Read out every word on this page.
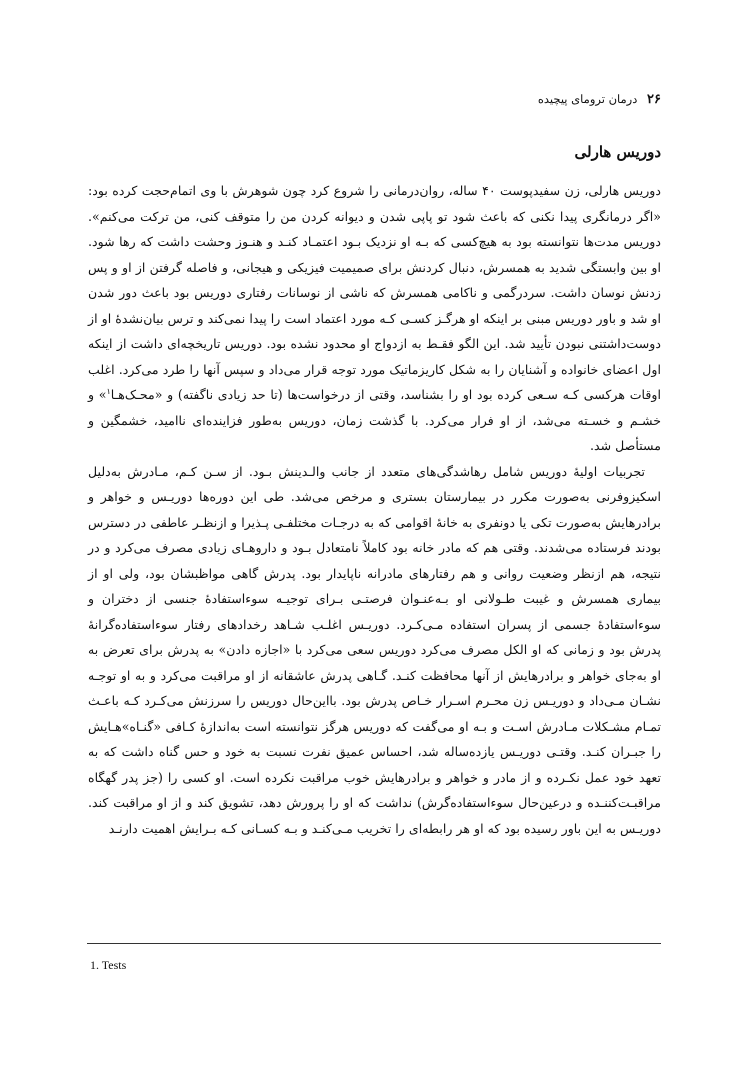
۲۶ درمان ترومای پیچیده
دوریس هارلی

دوریس هارلی، زن سفیدپوست ۴۰ ساله، روان‌درمانی را شروع کرد چون شوهرش با وی اتمام‌حجت کرده بود: «اگر درمانگری پیدا نکنی که باعث شود تو پاپی شدن و دیوانه کردن من را متوقف کنی، من ترکت می‌کنم». دوریس مدت‌ها نتوانسته بود به هیچ‌کسی که بـه او نزدیک بـود اعتمـاد کنـد و هنـوز وحشت داشت که رها شود. او بین وابستگی شدید به همسرش، دنبال کردنش برای صمیمیت فیزیکی و هیجانی، و فاصله گرفتن از او و پس زدنش نوسان داشت. سردرگمی و ناکامی همسرش که ناشی از نوسانات رفتاری دوریس بود باعث دور شدن او شد و باور دوریس مبنی بر اینکه او هرگـز کسـی کـه مورد اعتماد است را پیدا نمی‌کند و ترس بیان‌نشدهٔ او از دوست‌داشتنی نبودن تأیید شد. این الگو فقـط به ازدواج او محدود نشده بود. دوریس تاریخچه‌ای داشت از اینکه اول اعضای خانواده و آشنایان را به شکل کاریزماتیک مورد توجه قرار می‌داد و سپس آنها را طرد می‌کرد. اغلب اوقات هرکسی کـه سـعی کرده بود او را بشناسد، وقتی از درخواست‌ها (تا حد زیادی ناگفته) و «محـک‌هـا$^۱$» و خشـم و خسـته می‌شد، از او فرار می‌کرد. با گذشت زمان، دوریس به‌طور فزاینده‌ای ناامید، خشمگین و مستأصل شد.

تجربیات اولیهٔ دوریس شامل رهاشدگی‌های متعدد از جانب والـدینش بـود. از سـن کـم، مـادرش به‌دلیل اسکیزوفرنی به‌صورت مکرر در بیمارستان بستری و مرخص می‌شد. طی این دوره‌ها دوریـس و خواهر و برادرهایش به‌صورت تکی یا دونفری به خانهٔ اقوامی که به درجـات مختلفـی پـذیرا و ازنظـر عاطفی در دسترس بودند فرستاده می‌شدند. وقتی هم که مادر خانه بود کاملاً نامتعادل بـود و داروهـای زیادی مصرف می‌کرد و در نتیجه، هم ازنظر وضعیت روانی و هم رفتارهای مادرانه ناپایدار بود. پدرش گاهی مواظبشان بود، ولی او از بیماری همسرش و غیبت طـولانی او بـه‌عنـوان فرصتـی بـرای توجیـه سوءاستفادهٔ جنسی از دختران و سوءاستفادهٔ جسمی از پسران استفاده مـی‌کـرد. دوریـس اغلـب شـاهد رخدادهای رفتار سوءاستفاده‌گرانهٔ پدرش بود و زمانی که او الکل مصرف می‌کرد دوریس سعی می‌کرد با «اجازه دادن» به پدرش برای تعرض به او به‌جای خواهر و برادرهایش از آنها محافظت کنـد. گـاهی پدرش عاشقانه از او مراقبت می‌کرد و به او توجـه نشـان مـی‌داد و دوریـس زن محـرم اسـرار خـاص پدرش بود. بااین‌حال دوریس را سرزنش می‌کـرد کـه باعـث تمـام مشـکلات مـادرش اسـت و بـه او می‌گفت که دوریس هرگز نتوانسته است به‌اندازهٔ کـافی «گنـاه»هـایش را جبـران کنـد. وقتـی دوریـس یازده‌ساله شد، احساس عمیق نفرت نسبت به خود و حس گناه داشت که به تعهد خود عمل نکـرده و از مادر و خواهر و برادرهایش خوب مراقبت نکرده است. او کسی را (جز پدر گهگاه مراقبـت‌کننـده و درعین‌حال سوءاستفاده‌گرش) نداشت که او را پرورش دهد، تشویق کند و از او مراقبت کند. دوریـس به این باور رسیده بود که او هر رابطه‌ای را تخریب مـی‌کنـد و بـه کسـانی کـه بـرایش اهمیت دارنـد

1. Tests
